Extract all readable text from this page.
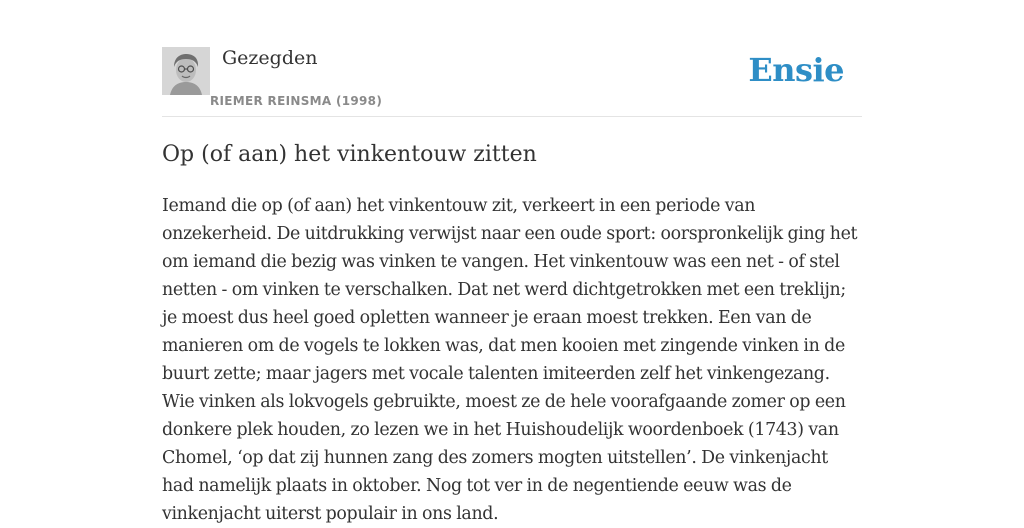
Gezegden
RIEMER REINSMA (1998)
Ensie
Op (of aan) het vinkentouw zitten

Iemand die op (of aan) het vinkentouw zit, verkeert in een periode van onzekerheid. De uitdrukking verwijst naar een oude sport: oorspronkelijk ging het om iemand die bezig was vinken te vangen. Het vinkentouw was een net - of stel netten - om vinken te verschalken. Dat net werd dichtgetrokken met een treklijn; je moest dus heel goed opletten wanneer je eraan moest trekken. Een van de manieren om de vogels te lokken was, dat men kooien met zingende vinken in de buurt zette; maar jagers met vocale talenten imiteerden zelf het vinkengezang. Wie vinken als lokvogels gebruikte, moest ze de hele voorafgaande zomer op een donkere plek houden, zo lezen we in het Huishoudelijk woordenboek (1743) van Chomel, ‘op dat zij hunnen zang des zomers mogten uitstellen’. De vinkenjacht had namelijk plaats in oktober. Nog tot ver in de negentiende eeuw was de vinkenjacht uiterst populair in ons land.
